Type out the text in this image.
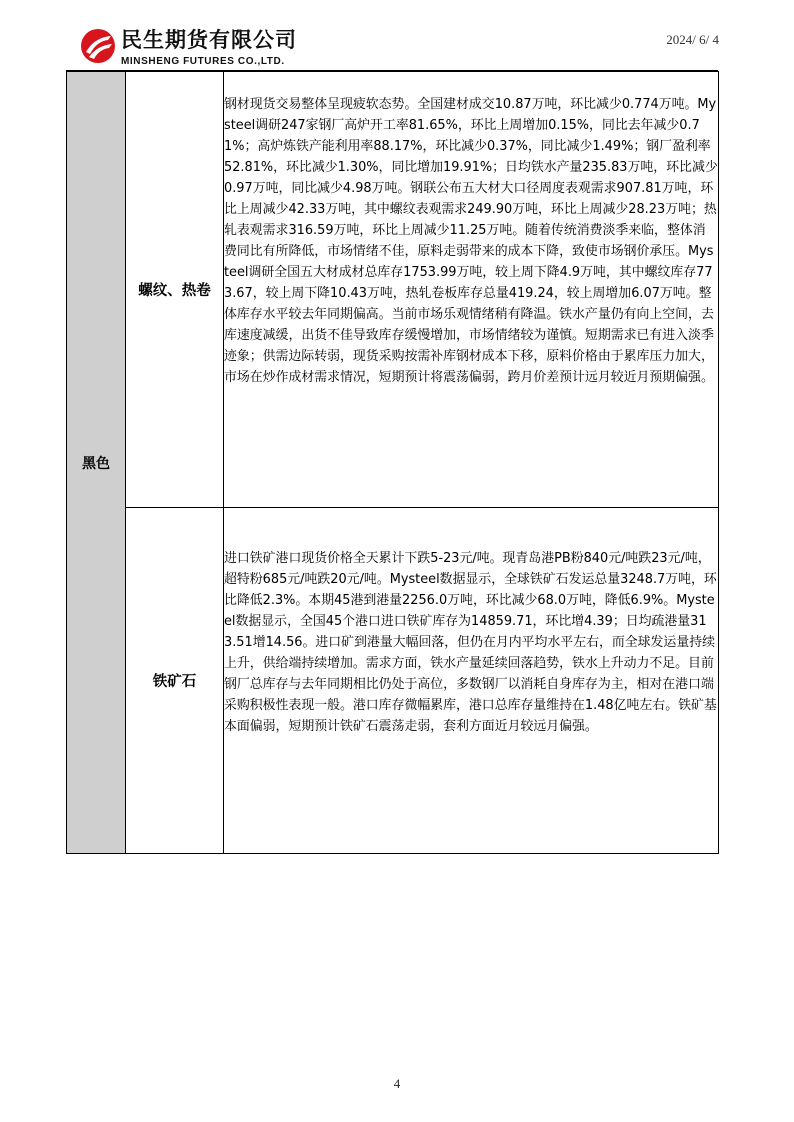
民生期货有限公司
MINSHENG FUTURES CO.,LTD.
2024/ 6/ 4
黑色	螺纹、热卷	钢材现货交易整体呈现疲软态势。全国建材成交10.87万吨，环比减少0.774万吨。Mysteel调研247家钢厂高炉开工率81.65%，环比上周增加0.15%，同比去年减少0.71%；高炉炼铁产能利用率88.17%，环比减少0.37%，同比减少1.49%；钢厂盈利率52.81%，环比减少1.30%，同比增加19.91%；日均铁水产量235.83万吨，环比减少0.97万吨，同比减少4.98万吨。钢联公布五大材大口径周度表观需求907.81万吨，环比上周减少42.33万吨，其中螺纹表观需求249.90万吨，环比上周减少28.23万吨；热轧表观需求316.59万吨，环比上周减少11.25万吨。随着传统消费淡季来临，整体消费同比有所降低，市场情绪不佳，原料走弱带来的成本下降，致使市场钢价承压。Mysteel调研全国五大材成材总库存1753.99万吨，较上周下降4.9万吨，其中螺纹库存773.67，较上周下降10.43万吨，热轧卷板库存总量419.24，较上周增加6.07万吨。整体库存水平较去年同期偏高。当前市场乐观情绪稍有降温。铁水产量仍有向上空间，去库速度减缓，出货不佳导致库存缓慢增加，市场情绪较为谨慎。短期需求已有进入淡季迹象；供需边际转弱，现货采购按需补库钢材成本下移，原料价格由于累库压力加大，市场在炒作成材需求情况，短期预计将震荡偏弱，跨月价差预计远月较近月预期偏强。
	铁矿石	进口铁矿港口现货价格全天累计下跌5-23元/吨。现青岛港PB粉840元/吨跌23元/吨，超特粉685元/吨跌20元/吨。Mysteel数据显示，全球铁矿石发运总量3248.7万吨，环比降低2.3%。本期45港到港量2256.0万吨，环比减少68.0万吨，降低6.9%。Mysteel数据显示，全国45个港口进口铁矿库存为14859.71，环比增4.39；日均疏港量313.51增14.56。进口矿到港量大幅回落，但仍在月内平均水平左右，而全球发运量持续上升，供给端持续增加。需求方面，铁水产量延续回落趋势，铁水上升动力不足。目前钢厂总库存与去年同期相比仍处于高位，多数钢厂以消耗自身库存为主，相对在港口端采购积极性表现一般。港口库存微幅累库，港口总库存量维持在1.48亿吨左右。铁矿基本面偏弱，短期预计铁矿石震荡走弱，套利方面近月较远月偏强。
4
